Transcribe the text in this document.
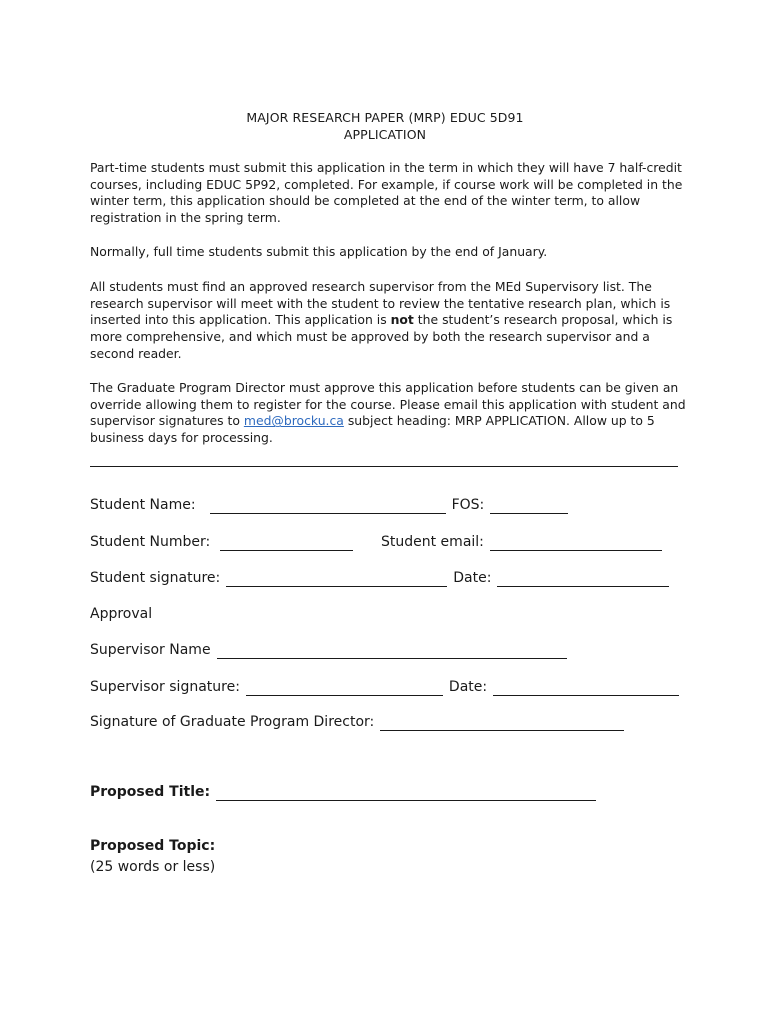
MAJOR RESEARCH PAPER (MRP) EDUC 5D91
APPLICATION

Part-time students must submit this application in the term in which they will have 7 half-credit courses, including EDUC 5P92, completed. For example, if course work will be completed in the winter term, this application should be completed at the end of the winter term, to allow registration in the spring term.

Normally, full time students submit this application by the end of January.

All students must find an approved research supervisor from the MEd Supervisory list. The research supervisor will meet with the student to review the tentative research plan, which is inserted into this application. This application is not the student’s research proposal, which is more comprehensive, and which must be approved by both the research supervisor and a second reader.

The Graduate Program Director must approve this application before students can be given an override allowing them to register for the course. Please email this application with student and supervisor signatures to med@brocku.ca subject heading: MRP APPLICATION. Allow up to 5 business days for processing.

Student Name:	FOS:
Student Number:	Student email:
Student signature:	Date:
Approval
Supervisor Name
Supervisor signature:	Date:
Signature of Graduate Program Director:
Proposed Title:
Proposed Topic:
(25 words or less)
